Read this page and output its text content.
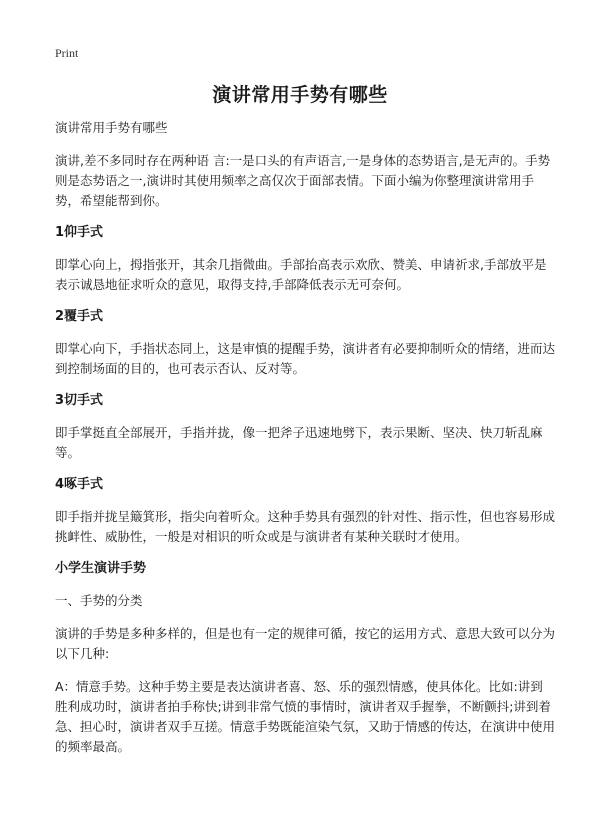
Print
演讲常用手势有哪些

演讲常用手势有哪些

演讲,差不多同时存在两种语 言:一是口头的有声语言,一是身体的态势语言,是无声的。手势则是态势语之一,演讲时其使用频率之高仅次于面部表情。下面小编为你整理演讲常用手势，希望能帮到你。

1仰手式

即掌心向上，拇指张开，其余几指微曲。手部抬高表示欢欣、赞美、申请祈求,手部放平是表示诚恳地征求听众的意见，取得支持,手部降低表示无可奈何。

2覆手式

即掌心向下，手指状态同上，这是审慎的提醒手势，演讲者有必要抑制听众的情绪，进而达到控制场面的目的，也可表示否认、反对等。

3切手式

即手掌挺直全部展开，手指并拢，像一把斧子迅速地劈下，表示果断、坚决、快刀斩乱麻等。

4啄手式

即手指并拢呈簸箕形，指尖向着听众。这种手势具有强烈的针对性、指示性，但也容易形成挑衅性、威胁性，一般是对相识的听众或是与演讲者有某种关联时才使用。

小学生演讲手势

一、手势的分类

演讲的手势是多种多样的，但是也有一定的规律可循，按它的运用方式、意思大致可以分为以下几种:

A：情意手势。这种手势主要是表达演讲者喜、怒、乐的强烈情感，使具体化。比如:讲到胜利成功时，演讲者拍手称快;讲到非常气愤的事情时，演讲者双手握拳，不断颤抖;讲到着急、担心时，演讲者双手互搓。情意手势既能渲染气氛，又助于情感的传达，在演讲中使用的频率最高。
